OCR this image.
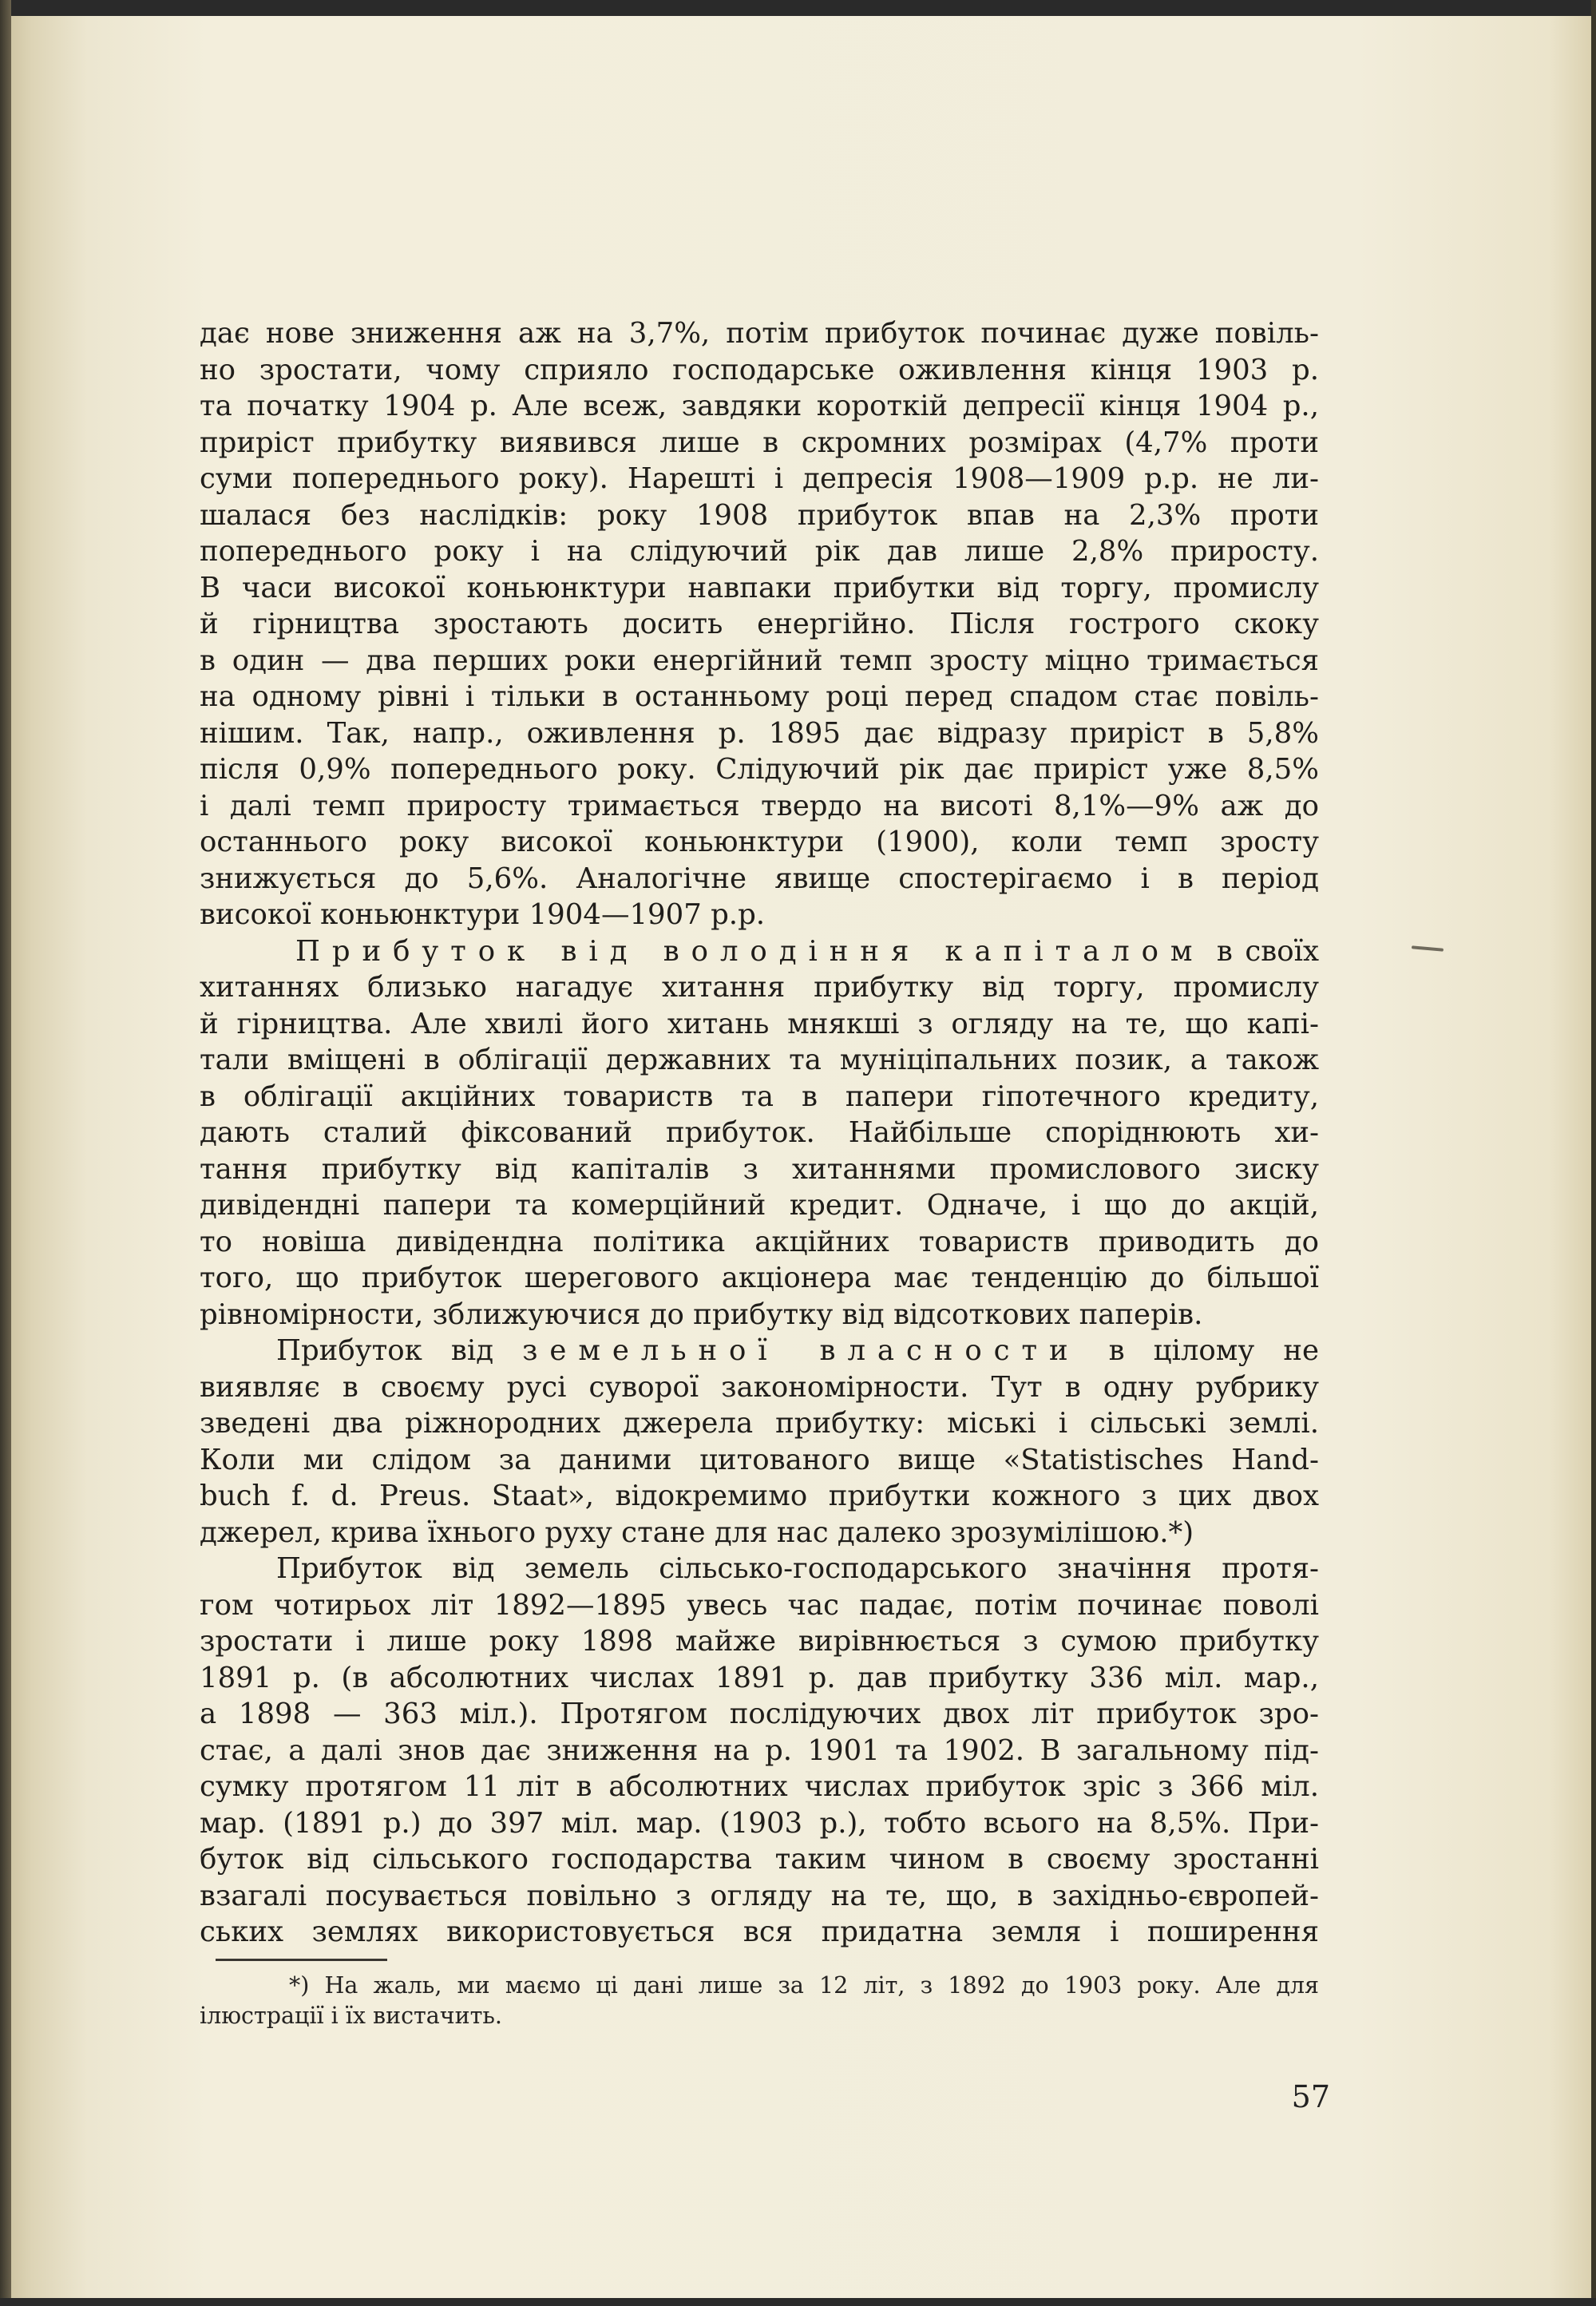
дає нове зниження аж на 3,7%, потім прибуток починає дуже повіль-
но зростати, чому сприяло господарське оживлення кінця 1903 р.
та початку 1904 р. Але всеж, завдяки короткій депресії кінця 1904 р.,
приріст прибутку виявився лише в скромних розмірах (4,7% проти
суми попереднього року). Нарешті і депресія 1908—1909 р.р. не ли-
шалася без наслідків: року 1908 прибуток впав на 2,3% проти
попереднього року і на слідуючий рік дав лише 2,8% приросту.
В часи високої коньюнктури навпаки прибутки від торгу, промислу
й гірництва зростають досить енергійно. Після гострого скоку
в один — два перших роки енергійний темп зросту міцно тримається
на одному рівні і тільки в останньому році перед спадом стає повіль-
нішим. Так, напр., оживлення р. 1895 дає відразу приріст в 5,8%
після 0,9% попереднього року. Слідуючий рік дає приріст уже 8,5%
і далі темп приросту тримається твердо на висоті 8,1%—9% аж до
останнього року високої коньюнктури (1900), коли темп зросту
знижується до 5,6%. Аналогічне явище спостерігаємо і в період
високої коньюнктури 1904—1907 р.р.
Прибуток від володіння капіталом в своїх
хитаннях близько нагадує хитання прибутку від торгу, промислу
й гірництва. Але хвилі його хитань мнякші з огляду на те, що капі-
тали вміщені в облігації державних та муніціпальних позик, а також
в облігації акційних товариств та в папери гіпотечного кредиту,
дають сталий фіксований прибуток. Найбільше споріднюють хи-
тання прибутку від капіталів з хитаннями промислового зиску
дивідендні папери та комерційний кредит. Одначе, і що до акцій,
то новіша дивідендна політика акційних товариств приводить до
того, що прибуток шерегового акціонера має тенденцію до більшої
рівномірности, зближуючися до прибутку від відсоткових паперів.
Прибуток від земельної власности в цілому не
виявляє в своєму русі суворої закономірности. Тут в одну рубрику
зведені два ріжнородних джерела прибутку: міські і сільські землі.
Коли ми слідом за даними цитованого вище «Statistisches Hand-
buch f. d. Preus. Staat», відокремимо прибутки кожного з цих двох
джерел, крива їхнього руху стане для нас далеко зрозумілішою.*)
Прибуток від земель сільсько-господарського значіння протя-
гом чотирьох літ 1892—1895 увесь час падає, потім починає поволі
зростати і лише року 1898 майже вирівнюється з сумою прибутку
1891 р. (в абсолютних числах 1891 р. дав прибутку 336 міл. мар.,
а 1898 — 363 міл.). Протягом послідуючих двох літ прибуток зро-
стає, а далі знов дає зниження на р. 1901 та 1902. В загальному під-
сумку протягом 11 літ в абсолютних числах прибуток зріс з 366 міл.
мар. (1891 р.) до 397 міл. мар. (1903 р.), тобто всього на 8,5%. При-
буток від сільського господарства таким чином в своєму зростанні
взагалі посувається повільно з огляду на те, що, в західньо-європей-
ських землях використовується вся придатна земля і поширення
*) На жаль, ми маємо ці дані лише за 12 літ, з 1892 до 1903 року. Але для
ілюстрації і їх вистачить.
57
